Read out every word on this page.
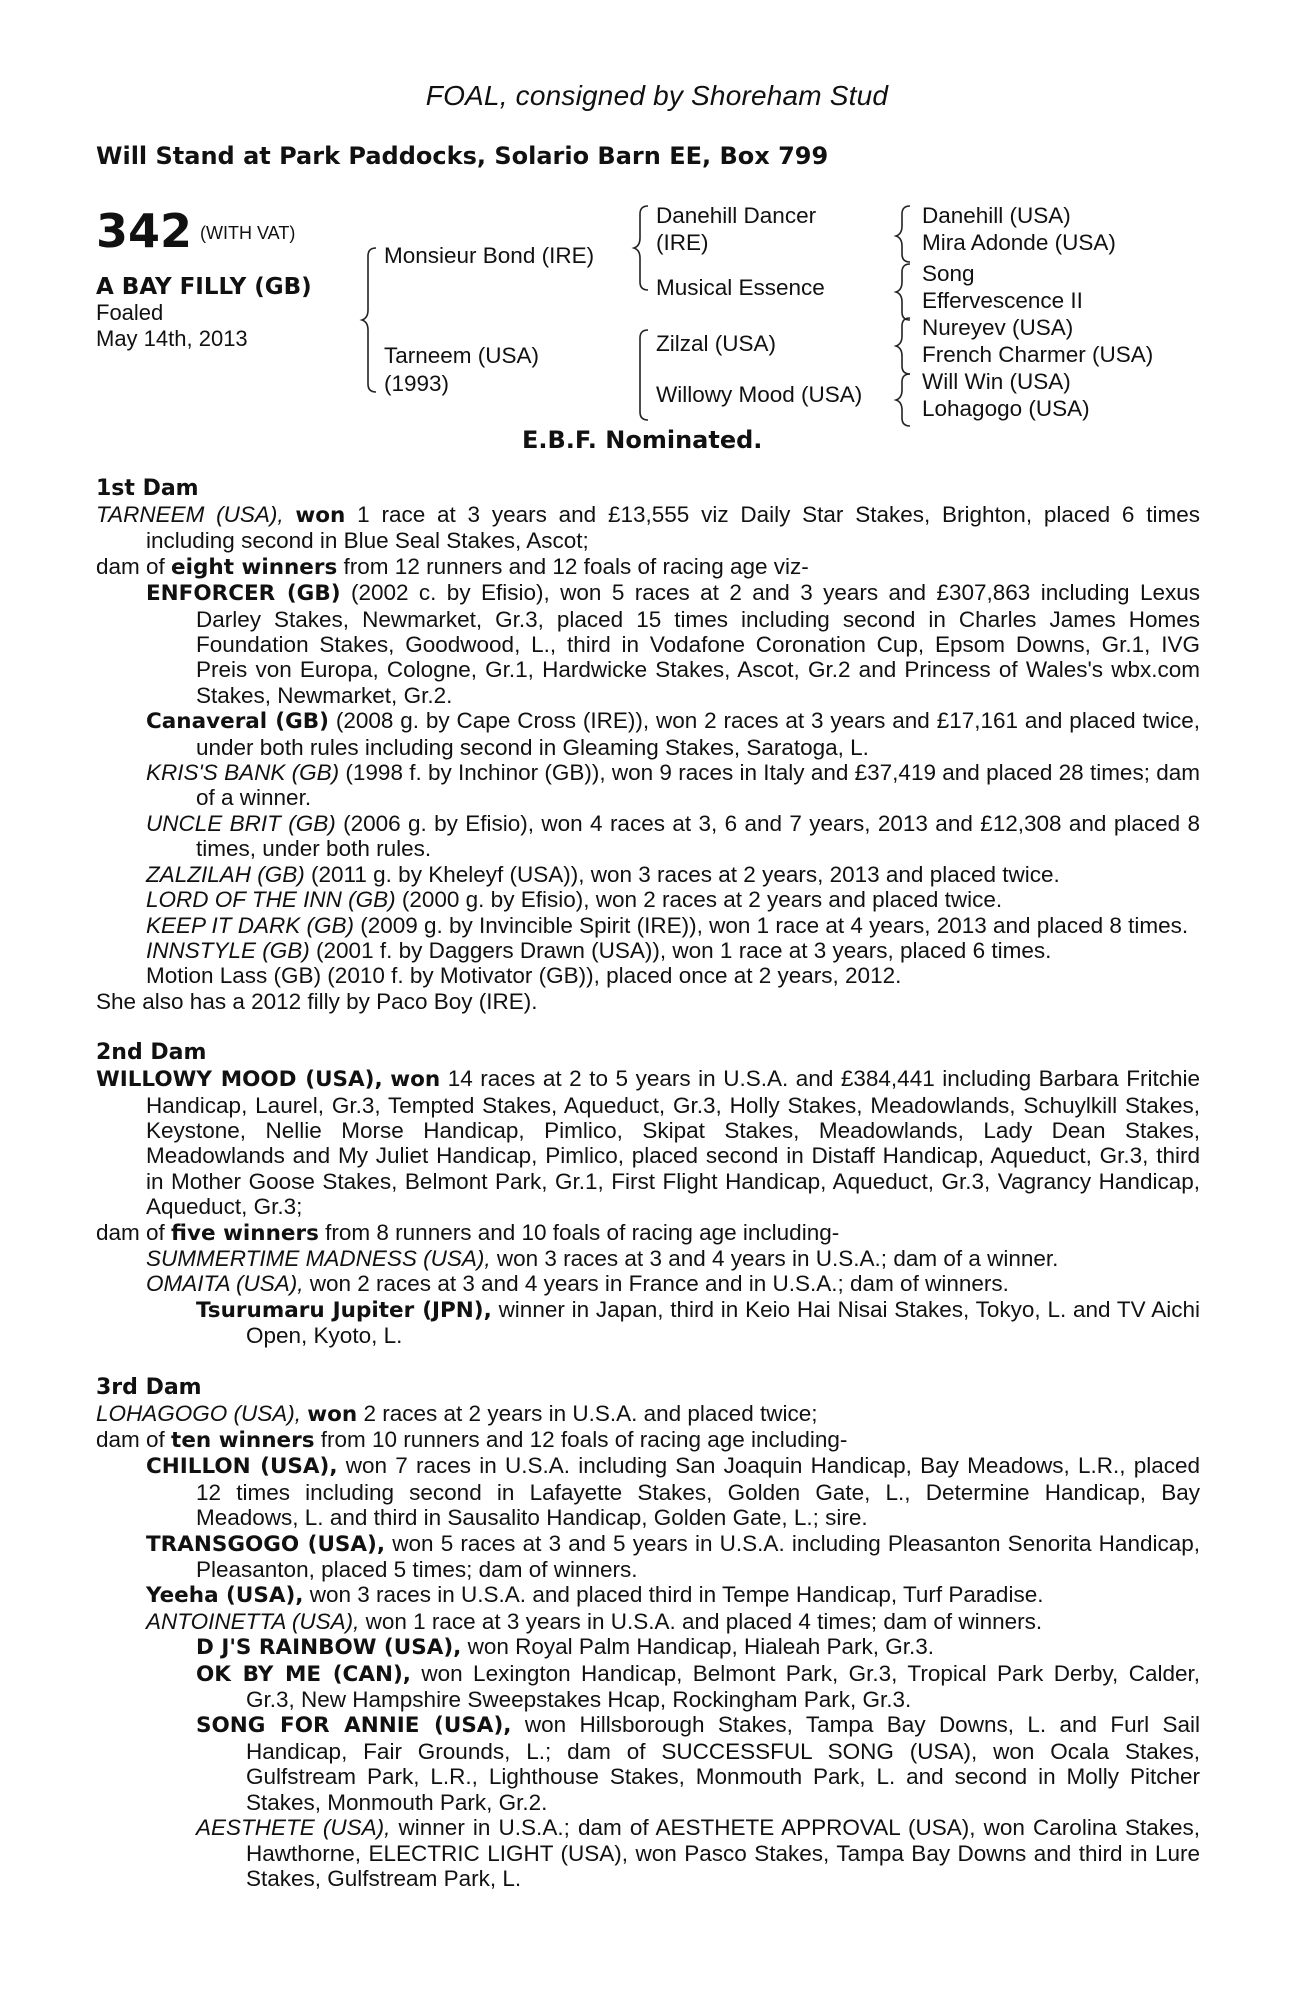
FOAL, consigned by Shoreham Stud
Will Stand at Park Paddocks, Solario Barn EE, Box 799
342 $^{(WITH VAT)}$
A BAY FILLY (GB)
Foaled
May 14th, 2013
Monsieur Bond (IRE)
Tarneem (USA)
(1993)
Danehill Dancer
(IRE)
Musical Essence
Zilzal (USA)
Willowy Mood (USA)
Danehill (USA)
Mira Adonde (USA)
Song
Effervescence II
Nureyev (USA)
French Charmer (USA)
Will Win (USA)
Lohagogo (USA)
E.B.F. Nominated.
1st Dam
TARNEEM (USA), won 1 race at 3 years and £13,555 viz Daily Star Stakes, Brighton, placed 6 times including second in Blue Seal Stakes, Ascot;
dam of eight winners from 12 runners and 12 foals of racing age viz-
ENFORCER (GB) (2002 c. by Efisio), won 5 races at 2 and 3 years and £307,863 including Lexus Darley Stakes, Newmarket, Gr.3, placed 15 times including second in Charles James Homes Foundation Stakes, Goodwood, L., third in Vodafone Coronation Cup, Epsom Downs, Gr.1, IVG Preis von Europa, Cologne, Gr.1, Hardwicke Stakes, Ascot, Gr.2 and Princess of Wales's wbx.com Stakes, Newmarket, Gr.2.
Canaveral (GB) (2008 g. by Cape Cross (IRE)), won 2 races at 3 years and £17,161 and placed twice, under both rules including second in Gleaming Stakes, Saratoga, L.
KRIS'S BANK (GB) (1998 f. by Inchinor (GB)), won 9 races in Italy and £37,419 and placed 28 times; dam of a winner.
UNCLE BRIT (GB) (2006 g. by Efisio), won 4 races at 3, 6 and 7 years, 2013 and £12,308 and placed 8 times, under both rules.
ZALZILAH (GB) (2011 g. by Kheleyf (USA)), won 3 races at 2 years, 2013 and placed twice.
LORD OF THE INN (GB) (2000 g. by Efisio), won 2 races at 2 years and placed twice.
KEEP IT DARK (GB) (2009 g. by Invincible Spirit (IRE)), won 1 race at 4 years, 2013 and placed 8 times.
INNSTYLE (GB) (2001 f. by Daggers Drawn (USA)), won 1 race at 3 years, placed 6 times.
Motion Lass (GB) (2010 f. by Motivator (GB)), placed once at 2 years, 2012.
She also has a 2012 filly by Paco Boy (IRE).
2nd Dam
WILLOWY MOOD (USA), won 14 races at 2 to 5 years in U.S.A. and £384,441 including Barbara Fritchie Handicap, Laurel, Gr.3, Tempted Stakes, Aqueduct, Gr.3, Holly Stakes, Meadowlands, Schuylkill Stakes, Keystone, Nellie Morse Handicap, Pimlico, Skipat Stakes, Meadowlands, Lady Dean Stakes, Meadowlands and My Juliet Handicap, Pimlico, placed second in Distaff Handicap, Aqueduct, Gr.3, third in Mother Goose Stakes, Belmont Park, Gr.1, First Flight Handicap, Aqueduct, Gr.3, Vagrancy Handicap, Aqueduct, Gr.3;
dam of five winners from 8 runners and 10 foals of racing age including-
SUMMERTIME MADNESS (USA), won 3 races at 3 and 4 years in U.S.A.; dam of a winner.
OMAITA (USA), won 2 races at 3 and 4 years in France and in U.S.A.; dam of winners.
Tsurumaru Jupiter (JPN), winner in Japan, third in Keio Hai Nisai Stakes, Tokyo, L. and TV Aichi Open, Kyoto, L.
3rd Dam
LOHAGOGO (USA), won 2 races at 2 years in U.S.A. and placed twice;
dam of ten winners from 10 runners and 12 foals of racing age including-
CHILLON (USA), won 7 races in U.S.A. including San Joaquin Handicap, Bay Meadows, L.R., placed 12 times including second in Lafayette Stakes, Golden Gate, L., Determine Handicap, Bay Meadows, L. and third in Sausalito Handicap, Golden Gate, L.; sire.
TRANSGOGO (USA), won 5 races at 3 and 5 years in U.S.A. including Pleasanton Senorita Handicap, Pleasanton, placed 5 times; dam of winners.
Yeeha (USA), won 3 races in U.S.A. and placed third in Tempe Handicap, Turf Paradise.
ANTOINETTA (USA), won 1 race at 3 years in U.S.A. and placed 4 times; dam of winners.
D J'S RAINBOW (USA), won Royal Palm Handicap, Hialeah Park, Gr.3.
OK BY ME (CAN), won Lexington Handicap, Belmont Park, Gr.3, Tropical Park Derby, Calder, Gr.3, New Hampshire Sweepstakes Hcap, Rockingham Park, Gr.3.
SONG FOR ANNIE (USA), won Hillsborough Stakes, Tampa Bay Downs, L. and Furl Sail Handicap, Fair Grounds, L.; dam of SUCCESSFUL SONG (USA), won Ocala Stakes, Gulfstream Park, L.R., Lighthouse Stakes, Monmouth Park, L. and second in Molly Pitcher Stakes, Monmouth Park, Gr.2.
AESTHETE (USA), winner in U.S.A.; dam of AESTHETE APPROVAL (USA), won Carolina Stakes, Hawthorne, ELECTRIC LIGHT (USA), won Pasco Stakes, Tampa Bay Downs and third in Lure Stakes, Gulfstream Park, L.
